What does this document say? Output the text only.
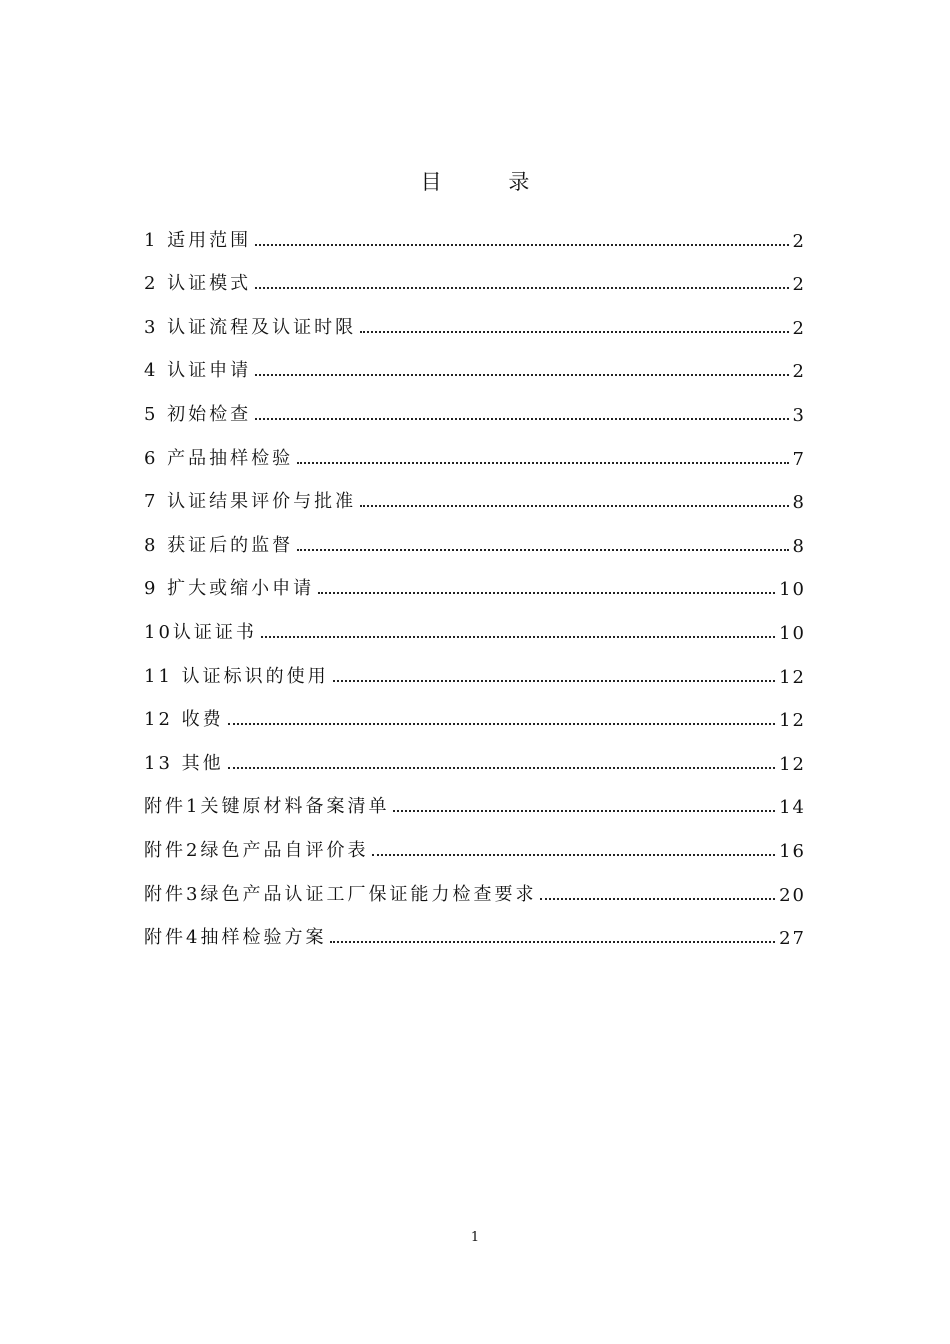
目 录
1 适用范围	2
2 认证模式	2
3 认证流程及认证时限	2
4 认证申请	2
5 初始检查	3
6 产品抽样检验	7
7 认证结果评价与批准	8
8 获证后的监督	8
9 扩大或缩小申请	10
10认证证书	10
11 认证标识的使用	12
12 收费	12
13 其他	12
附件1关键原材料备案清单	14
附件2绿色产品自评价表	16
附件3绿色产品认证工厂保证能力检查要求	20
附件4抽样检验方案	27
1
